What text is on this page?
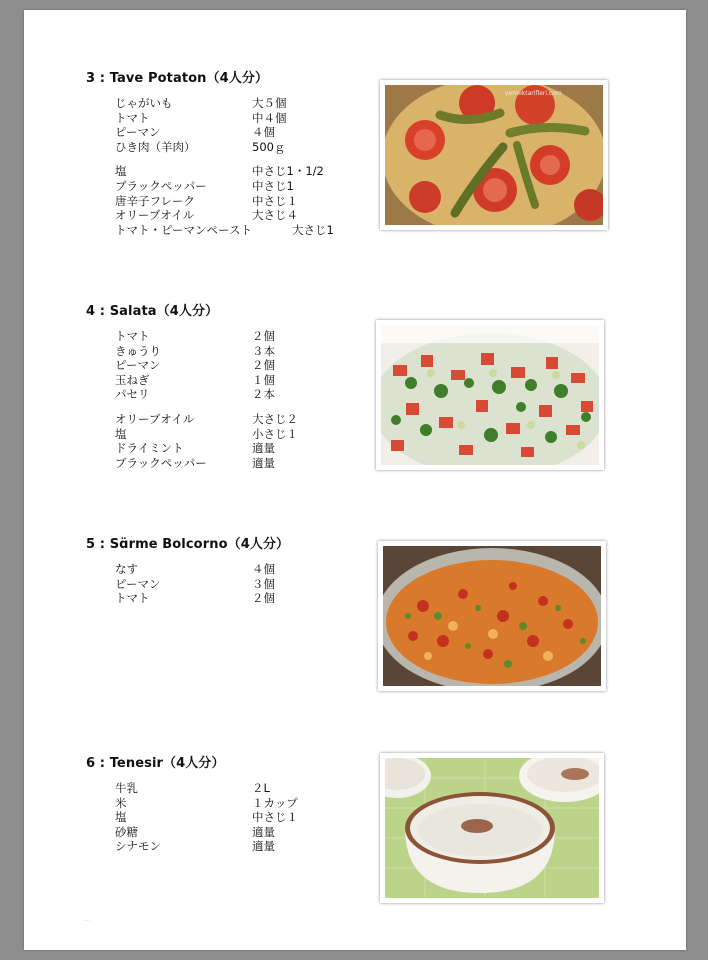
3 : Tave Potaton（4人分）
じゃがいも	大５個
トマト	中４個
ピーマン	４個
ひき肉（羊肉）	500ｇ
塩	中さじ1・1/2
ブラックペッパー	中さじ1
唐辛子フレーク	中さじ１
オリーブオイル	大さじ４
トマト・ピーマンペースト	大さじ1
yemektarifleri.com
4 : Salata（4人分）
トマト	２個
きゅうり	３本
ピーマン	２個
玉ねぎ	１個
パセリ	２本
オリーブオイル	大さじ２
塩	小さじ１
ドライミント	適量
ブラックペッパー	適量
5 : Sɑ̈rme Bolcorno（4人分）
なす	４個
ピーマン	３個
トマト	２個
6 : Tenesir（4人分）
牛乳	２L
米	１カップ
塩	中さじ１
砂糖	適量
シナモン	適量
· · ·
